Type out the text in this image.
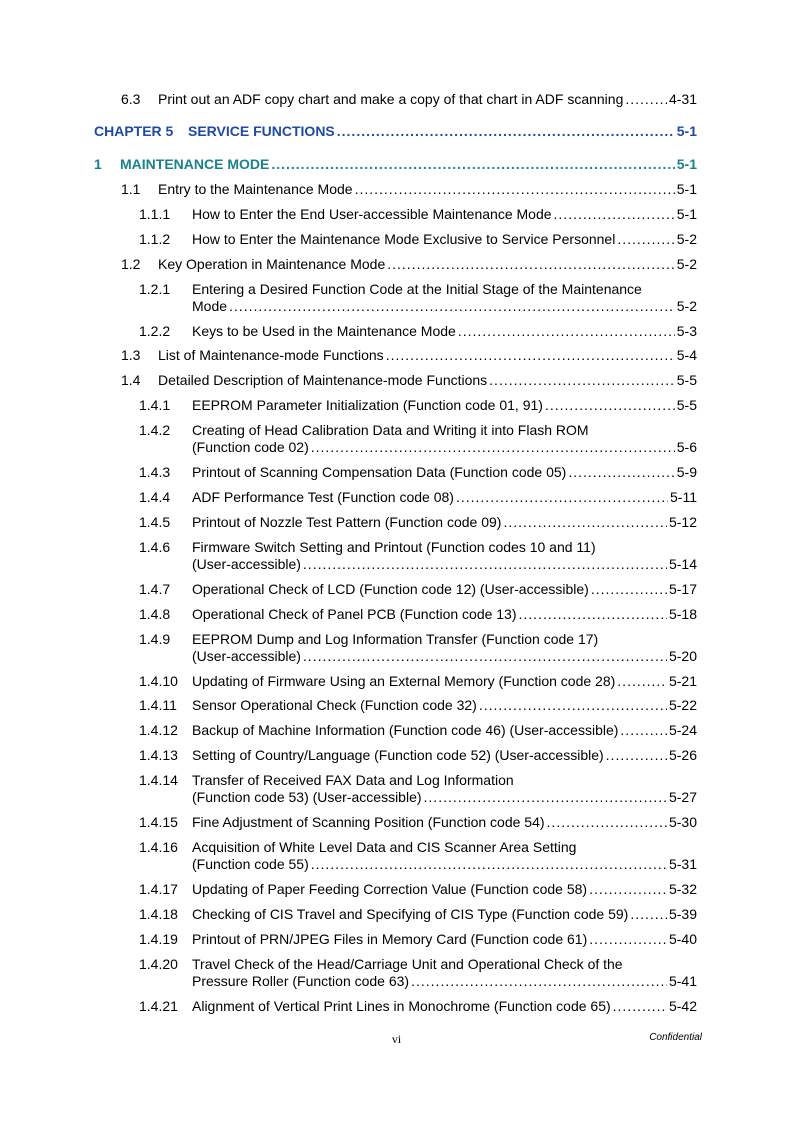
6.3	Print out an ADF copy chart and make a copy of that chart in ADF scanning .....	4-31
CHAPTER 5	SERVICE FUNCTIONS .....	5-1
1	MAINTENANCE MODE .....	5-1
1.1	Entry to the Maintenance Mode .....	5-1
1.1.1	How to Enter the End User-accessible Maintenance Mode .....	5-1
1.1.2	How to Enter the Maintenance Mode Exclusive to Service Personnel .....	5-2
1.2	Key Operation in Maintenance Mode .....	5-2
1.2.1	Entering a Desired Function Code at the Initial Stage of the Maintenance
Mode .....	5-2
1.2.2	Keys to be Used in the Maintenance Mode .....	5-3
1.3	List of Maintenance-mode Functions .....	5-4
1.4	Detailed Description of Maintenance-mode Functions .....	5-5
1.4.1	EEPROM Parameter Initialization (Function code 01, 91) .....	5-5
1.4.2	Creating of Head Calibration Data and Writing it into Flash ROM
(Function code 02) .....	5-6
1.4.3	Printout of Scanning Compensation Data (Function code 05) .....	5-9
1.4.4	ADF Performance Test (Function code 08) .....	5-11
1.4.5	Printout of Nozzle Test Pattern (Function code 09) .....	5-12
1.4.6	Firmware Switch Setting and Printout (Function codes 10 and 11)
(User-accessible) .....	5-14
1.4.7	Operational Check of LCD (Function code 12) (User-accessible) .....	5-17
1.4.8	Operational Check of Panel PCB (Function code 13) .....	5-18
1.4.9	EEPROM Dump and Log Information Transfer (Function code 17)
(User-accessible) .....	5-20
1.4.10	Updating of Firmware Using an External Memory (Function code 28) .....	5-21
1.4.11	Sensor Operational Check (Function code 32) .....	5-22
1.4.12	Backup of Machine Information (Function code 46) (User-accessible) .....	5-24
1.4.13	Setting of Country/Language (Function code 52) (User-accessible) .....	5-26
1.4.14	Transfer of Received FAX Data and Log Information
(Function code 53) (User-accessible) .....	5-27
1.4.15	Fine Adjustment of Scanning Position (Function code 54) .....	5-30
1.4.16	Acquisition of White Level Data and CIS Scanner Area Setting
(Function code 55) .....	5-31
1.4.17	Updating of Paper Feeding Correction Value (Function code 58) .....	5-32
1.4.18	Checking of CIS Travel and Specifying of CIS Type (Function code 59) .....	5-39
1.4.19	Printout of PRN/JPEG Files in Memory Card (Function code 61) .....	5-40
1.4.20	Travel Check of the Head/Carriage Unit and Operational Check of the
Pressure Roller (Function code 63) .....	5-41
1.4.21	Alignment of Vertical Print Lines in Monochrome (Function code 65) .....	5-42
vi	Confidential
